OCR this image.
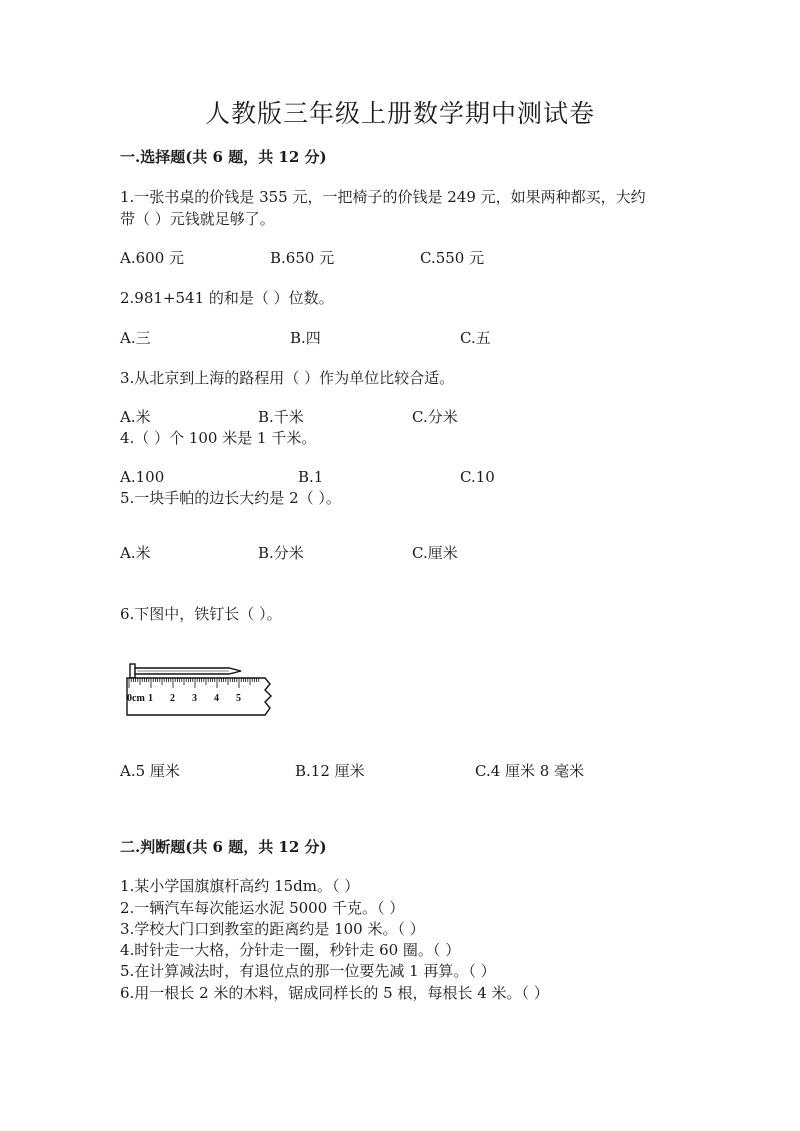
人教版三年级上册数学期中测试卷
一.选择题(共 6 题，共 12 分)
1.一张书桌的价钱是 355 元，一把椅子的价钱是 249 元，如果两种都买，大约
带（ ）元钱就足够了。
A.600 元	B.650 元	C.550 元
2.981+541 的和是（ ）位数。
A.三	B.四	C.五
3.从北京到上海的路程用（ ）作为单位比较合适。
A.米	B.千米	C.分米
4.（ ）个 100 米是 1 千米。
A.100	B.1	C.10
5.一块手帕的边长大约是 2（ ）。
A.米	B.分米	C.厘米
6.下图中，铁钉长（ ）。
0cm 1 2 3 4 5
A.5 厘米	B.12 厘米	C.4 厘米 8 毫米
二.判断题(共 6 题，共 12 分)
1.某小学国旗旗杆高约 15dm。（ ）
2.一辆汽车每次能运水泥 5000 千克。（ ）
3.学校大门口到教室的距离约是 100 米。（ ）
4.时针走一大格，分针走一圈，秒针走 60 圈。（ ）
5.在计算减法时，有退位点的那一位要先减 1 再算。（ ）
6.用一根长 2 米的木料，锯成同样长的 5 根，每根长 4 米。（ ）
